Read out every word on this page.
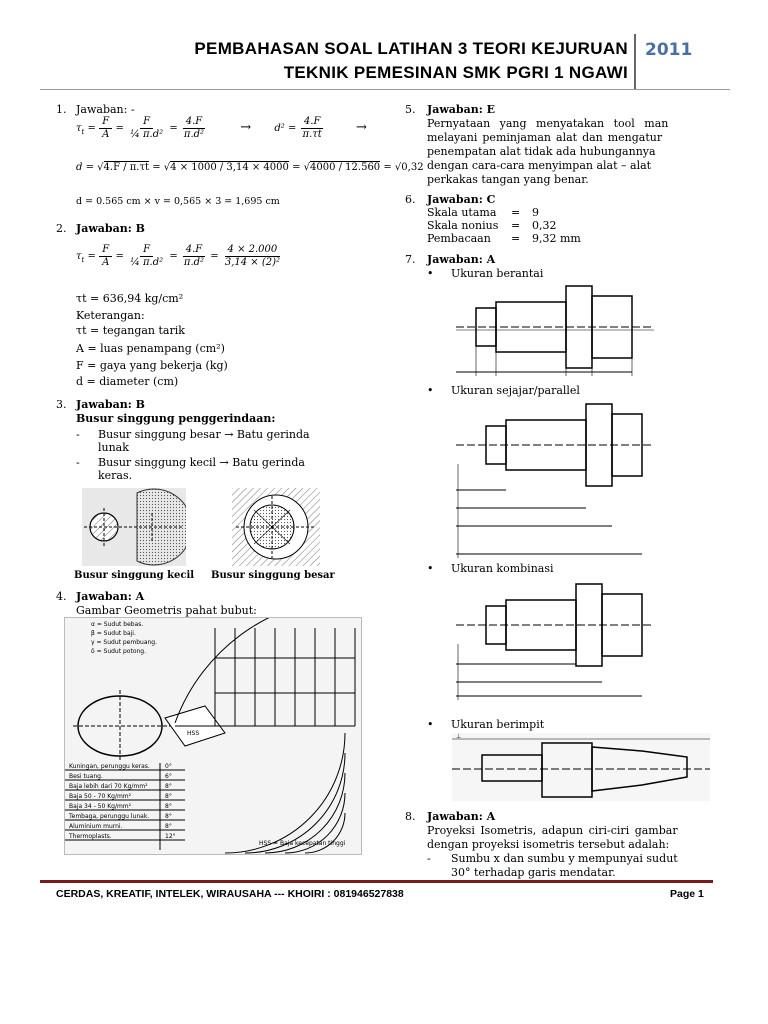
PEMBAHASAN SOAL LATIHAN 3 TEORI KEJURUAN
TEKNIK PEMESINAN SMK PGRI 1 NGAWI
2011
1. Jawaban: -
$\tau_t = \frac{F}{A} = \frac{F}{\text{¼ π.d²}} = \frac{4.F}{\text{π.d²}}$	→ $d^2 = \frac{4.F}{\pi.\tau t}$ →
d = √4.F / π.τt = √4 × 1000 / 3,14 × 4000 = √4000 / 12.560 = √0,32
d = 0.565 cm × v = 0,565 × 3 = 1,695 cm
2. Jawaban: B
$\tau_t = \frac{F}{A} = \frac{F}{\text{¼ π.d²}} = \frac{4.F}{\text{π.d²}} = \frac{4 \times 2.000}{\text{3,14 × (2)²}}$
τt = 636,94 kg/cm²
Keterangan:
τt = tegangan tarik
A = luas penampang (cm²)
F = gaya yang bekerja (kg)
d = diameter (cm)
3. Jawaban: B
Busur singgung penggerindaan:
- Busur singgung besar → Batu gerinda
lunak
- Busur singgung kecil → Batu gerinda
keras.
Busur singgung kecil Busur singgung besar
4. Jawaban: A
Gambar Geometris pahat bubut:
α = Sudut bebas.
β = Sudut baji.
γ = Sudut pembuang.
δ = Sudut potong.
HSS
Kuningan, perunggu keras.
Besi tuang.
Baja lebih dari 70 Kg/mm²
Baja 50 - 70 Kg/mm²
Baja 34 - 50 Kg/mm²
Tembaga, perunggu lunak.
Aluminium murni.
Thermoplasts.
0°
6°
8°
8°
8°
8°
8°
12°
HSS = Baja kecepatan tinggi
5. Jawaban: E
Pernyataan yang menyatakan tool man
melayani peminjaman alat dan mengatur
penempatan alat tidak ada hubungannya
dengan cara-cara menyimpan alat – alat
perkakas tangan yang benar.
6. Jawaban: C
Skala utama = 9
Skala nonius = 0,32
Pembacaan = 9,32 mm
7. Jawaban: A
• Ukuran berantai
• Ukuran sejajar/parallel
• Ukuran kombinasi
• Ukuran berimpit
⊥
8. Jawaban: A
Proyeksi Isometris, adapun ciri-ciri gambar
dengan proyeksi isometris tersebut adalah:
- Sumbu x dan sumbu y mempunyai sudut
30° terhadap garis mendatar.
CERDAS, KREATIF, INTELEK, WIRAUSAHA --- KHOIRI : 081946527838	Page 1
